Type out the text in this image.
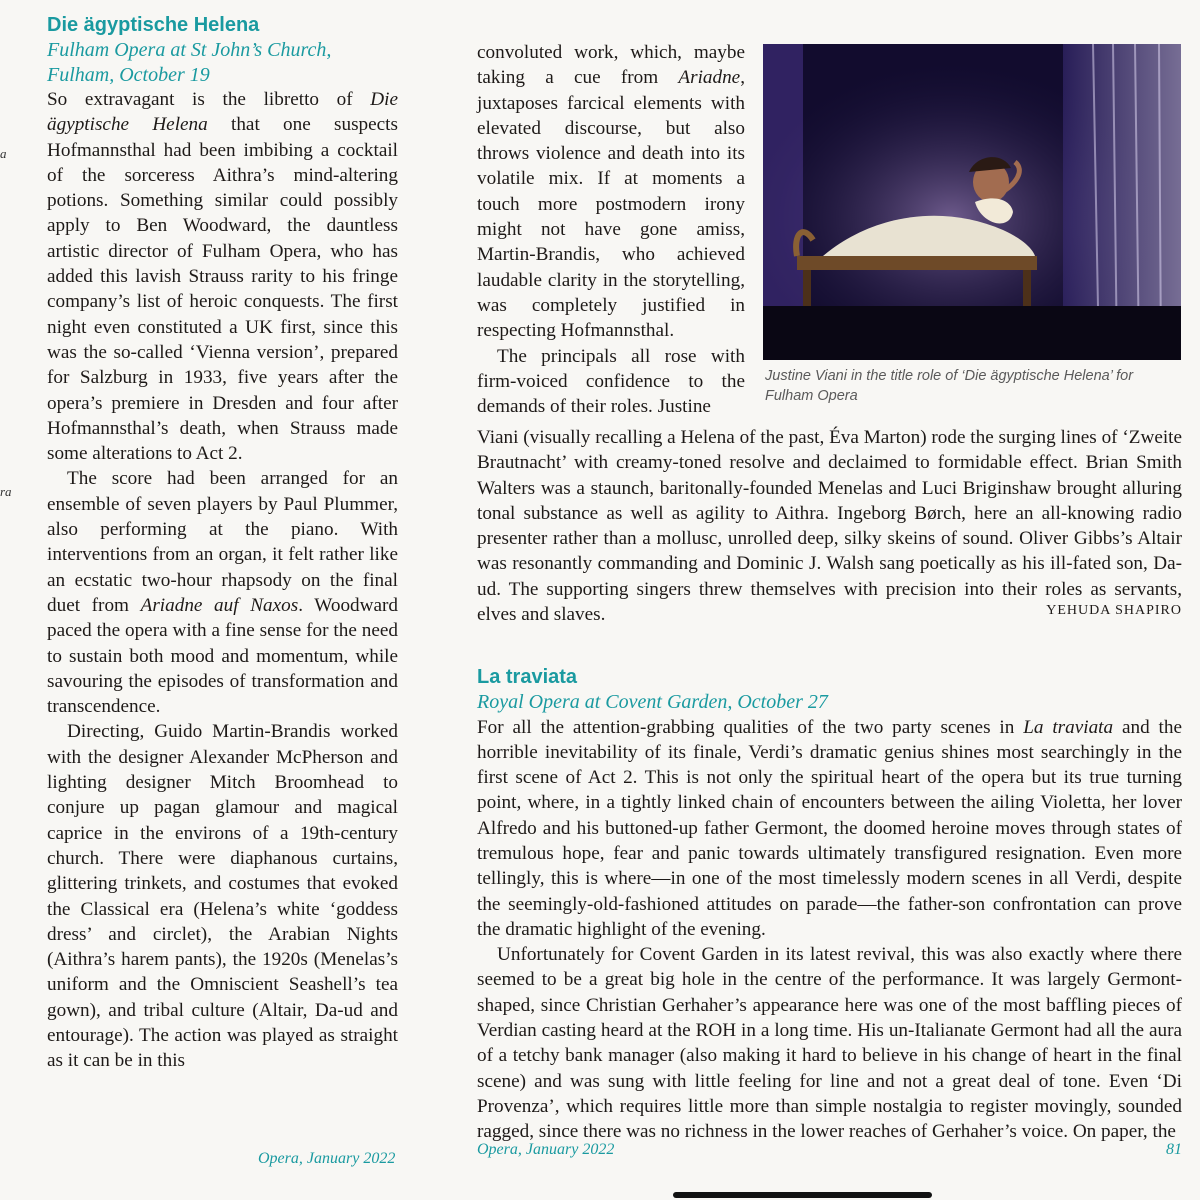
a
ra
Die ägyptische Helena
Fulham Opera at St John’s Church,
Fulham, October 19

So extravagant is the libretto of Die ägyptische Helena that one suspects Hofmannsthal had been imbibing a cocktail of the sorceress Aithra’s mind-altering potions. Something similar could possibly apply to Ben Woodward, the dauntless artistic director of Fulham Opera, who has added this lavish Strauss rarity to his fringe company’s list of heroic conquests. The first night even constituted a UK first, since this was the so-called ‘Vienna version’, prepared for Salzburg in 1933, five years after the opera’s premiere in Dresden and four after Hofmannsthal’s death, when Strauss made some alterations to Act 2.

The score had been arranged for an ensemble of seven players by Paul Plummer, also performing at the piano. With interventions from an organ, it felt rather like an ecstatic two-hour rhapsody on the final duet from Ariadne auf Naxos. Woodward paced the opera with a fine sense for the need to sustain both mood and momentum, while savouring the episodes of transformation and transcendence.

Directing, Guido Martin-Brandis worked with the designer Alexander McPherson and lighting designer Mitch Broomhead to conjure up pagan glamour and magical caprice in the environs of a 19th-century church. There were diaphanous curtains, glittering trinkets, and costumes that evoked the Classical era (Helena’s white ‘goddess dress’ and circlet), the Arabian Nights (Aithra’s harem pants), the 1920s (Menelas’s uniform and the Omniscient Seashell’s tea gown), and tribal culture (Altair, Da-ud and entourage). The action was played as straight as it can be in this

Opera, January 2022

convoluted work, which, maybe taking a cue from Ariadne, juxtaposes farcical elements with elevated discourse, but also throws violence and death into its volatile mix. If at moments a touch more postmodern irony might not have gone amiss, Martin-Brandis, who achieved laudable clarity in the storytelling, was completely justified in respecting Hofmannsthal.

The principals all rose with firm-voiced confidence to the demands of their roles. Justine

Justine Viani in the title role of ‘Die ägyptische Helena’ for Fulham Opera

Viani (visually recalling a Helena of the past, Éva Marton) rode the surging lines of ‘Zweite Brautnacht’ with creamy-toned resolve and declaimed to formidable effect. Brian Smith Walters was a staunch, baritonally-founded Menelas and Luci Briginshaw brought alluring tonal substance as well as agility to Aithra. Ingeborg Børch, here an all-knowing radio presenter rather than a mollusc, unrolled deep, silky skeins of sound. Oliver Gibbs’s Altair was resonantly commanding and Dominic J. Walsh sang poetically as his ill-fated son, Da-ud. The supporting singers threw themselves with precision into their roles as servants, elves and slaves.	YEHUDA SHAPIRO
La traviata
Royal Opera at Covent Garden, October 27

For all the attention-grabbing qualities of the two party scenes in La traviata and the horrible inevitability of its finale, Verdi’s dramatic genius shines most searchingly in the first scene of Act 2. This is not only the spiritual heart of the opera but its true turning point, where, in a tightly linked chain of encounters between the ailing Violetta, her lover Alfredo and his buttoned-up father Germont, the doomed heroine moves through states of tremulous hope, fear and panic towards ultimately transfigured resignation. Even more tellingly, this is where—in one of the most timelessly modern scenes in all Verdi, despite the seemingly-old-fashioned attitudes on parade—the father-son confrontation can prove the dramatic highlight of the evening.

Unfortunately for Covent Garden in its latest revival, this was also exactly where there seemed to be a great big hole in the centre of the performance. It was largely Germont-shaped, since Christian Gerhaher’s appearance here was one of the most baffling pieces of Verdian casting heard at the ROH in a long time. His un-Italianate Germont had all the aura of a tetchy bank manager (also making it hard to believe in his change of heart in the final scene) and was sung with little feeling for line and not a great deal of tone. Even ‘Di Provenza’, which requires little more than simple nostalgia to register movingly, sounded ragged, since there was no richness in the lower reaches of Gerhaher’s voice. On paper, the

Opera, January 2022	81
